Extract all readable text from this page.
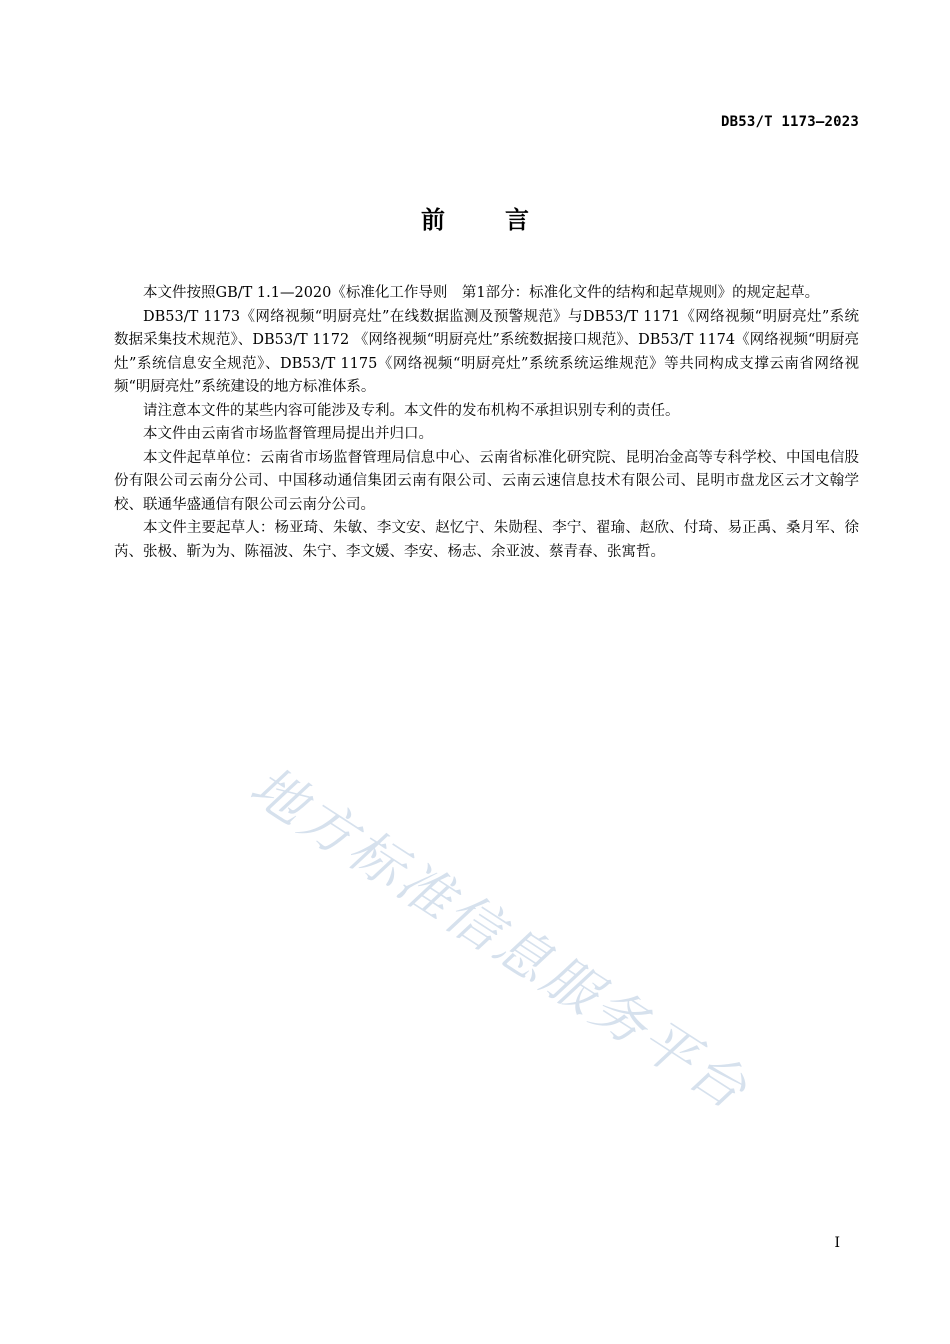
DB53/T 1173—2023
前言

本文件按照GB/T 1.1—2020《标准化工作导则　第1部分：标准化文件的结构和起草规则》的规定起草。

DB53/T 1173《网络视频“明厨亮灶”在线数据监测及预警规范》与DB53/T 1171《网络视频“明厨亮灶”系统数据采集技术规范》、DB53/T 1172 《网络视频“明厨亮灶”系统数据接口规范》、DB53/T 1174《网络视频“明厨亮灶”系统信息安全规范》、DB53/T 1175《网络视频“明厨亮灶”系统系统运维规范》等共同构成支撑云南省网络视频“明厨亮灶”系统建设的地方标准体系。

请注意本文件的某些内容可能涉及专利。本文件的发布机构不承担识别专利的责任。

本文件由云南省市场监督管理局提出并归口。

本文件起草单位：云南省市场监督管理局信息中心、云南省标准化研究院、昆明冶金高等专科学校、中国电信股份有限公司云南分公司、中国移动通信集团云南有限公司、云南云速信息技术有限公司、昆明市盘龙区云才文翰学校、联通华盛通信有限公司云南分公司。

本文件主要起草人：杨亚琦、朱敏、李文安、赵忆宁、朱勋程、李宁、翟瑜、赵欣、付琦、易正禹、桑月军、徐芮、张极、靳为为、陈福波、朱宁、李文媛、李安、杨志、余亚波、蔡青春、张寓哲。

地方标准信息服务平台
I
